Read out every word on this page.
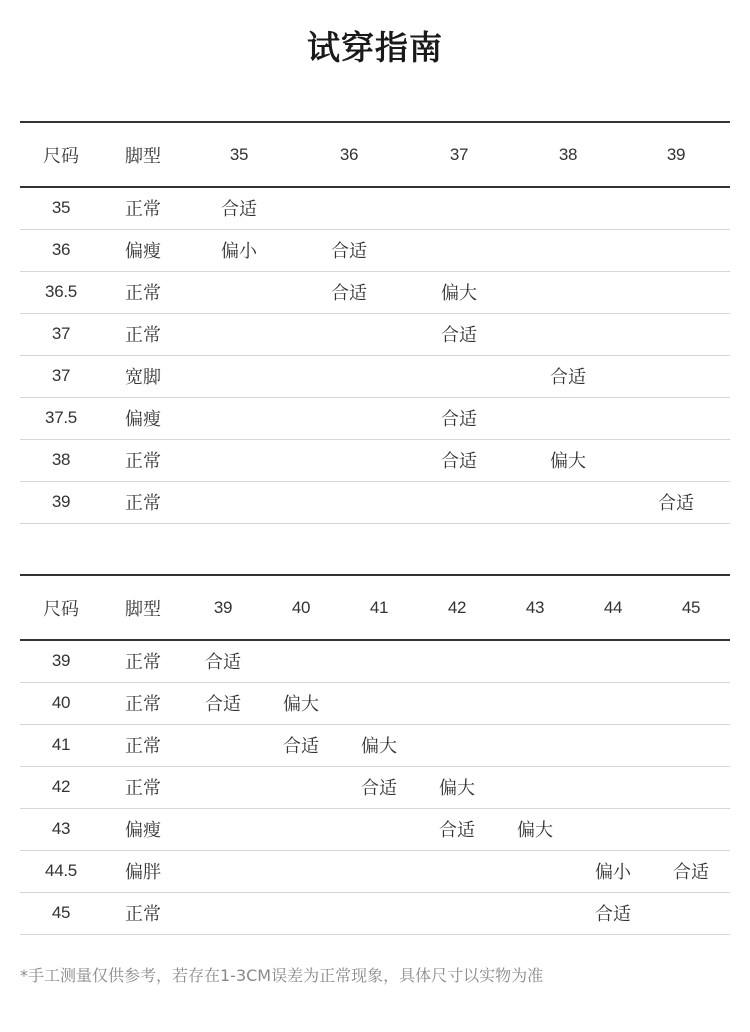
试穿指南
尺码	脚型	35	36	37	38	39
35	正常	合适				
36	偏瘦	偏小	合适			
36.5	正常		合适	偏大		
37	正常			合适		
37	宽脚				合适	
37.5	偏瘦			合适		
38	正常			合适	偏大	
39	正常					合适
尺码	脚型	39	40	41	42	43	44	45
39	正常	合适						
40	正常	合适	偏大					
41	正常		合适	偏大				
42	正常			合适	偏大			
43	偏瘦				合适	偏大		
44.5	偏胖						偏小	合适
45	正常						合适	
*手工测量仅供参考，若存在1-3CM误差为正常现象，具体尺寸以实物为准
